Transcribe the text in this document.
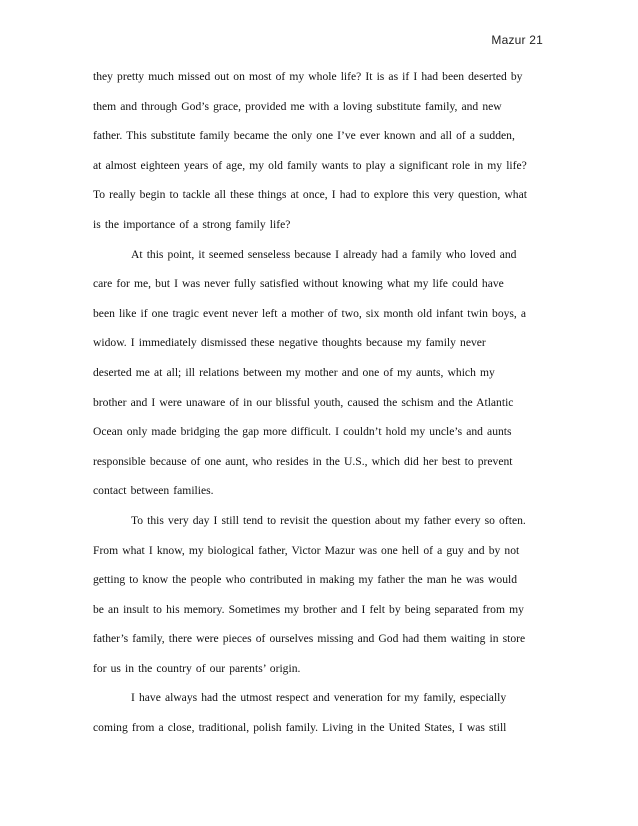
Mazur 21
they pretty much missed out on most of my whole life? It is as if I had been deserted by
them and through God’s grace, provided me with a loving substitute family, and new
father. This substitute family became the only one I’ve ever known and all of a sudden,
at almost eighteen years of age, my old family wants to play a significant role in my life?
To really begin to tackle all these things at once, I had to explore this very question, what
is the importance of a strong family life?
At this point, it seemed senseless because I already had a family who loved and
care for me, but I was never fully satisfied without knowing what my life could have
been like if one tragic event never left a mother of two, six month old infant twin boys, a
widow. I immediately dismissed these negative thoughts because my family never
deserted me at all; ill relations between my mother and one of my aunts, which my
brother and I were unaware of in our blissful youth, caused the schism and the Atlantic
Ocean only made bridging the gap more difficult. I couldn’t hold my uncle’s and aunts
responsible because of one aunt, who resides in the U.S., which did her best to prevent
contact between families.
To this very day I still tend to revisit the question about my father every so often.
From what I know, my biological father, Victor Mazur was one hell of a guy and by not
getting to know the people who contributed in making my father the man he was would
be an insult to his memory. Sometimes my brother and I felt by being separated from my
father’s family, there were pieces of ourselves missing and God had them waiting in store
for us in the country of our parents’ origin.
I have always had the utmost respect and veneration for my family, especially
coming from a close, traditional, polish family. Living in the United States, I was still
